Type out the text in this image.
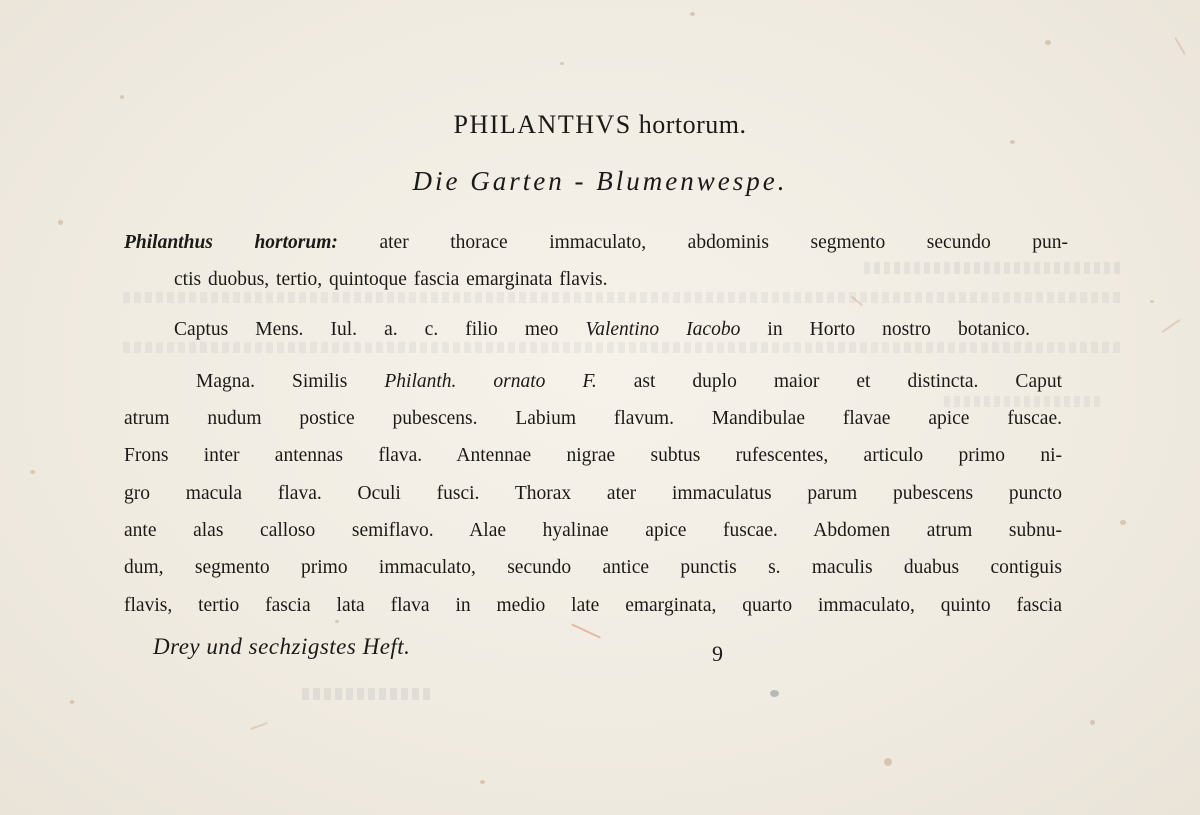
PHILANTHVS hortorum.
Die Garten - Blumenwespe.
Philanthus hortorum: ater thorace immaculato, abdominis segmento secundo pun-
ctis duobus, tertio, quintoque fascia emarginata flavis.
Captus Mens. Iul. a. c. filio meo Valentino Iacobo in Horto nostro botanico.
Magna. Similis Philanth. ornato F. ast duplo maior et distincta. Caput
atrum nudum postice pubescens. Labium flavum. Mandibulae flavae apice fuscae.
Frons inter antennas flava. Antennae nigrae subtus rufescentes, articulo primo ni-
gro macula flava. Oculi fusci. Thorax ater immaculatus parum pubescens puncto
ante alas calloso semiflavo. Alae hyalinae apice fuscae. Abdomen atrum subnu-
dum, segmento primo immaculato, secundo antice punctis s. maculis duabus contiguis
flavis, tertio fascia lata flava in medio late emarginata, quarto immaculato, quinto fascia
Drey und sechzigstes Heft.	9
